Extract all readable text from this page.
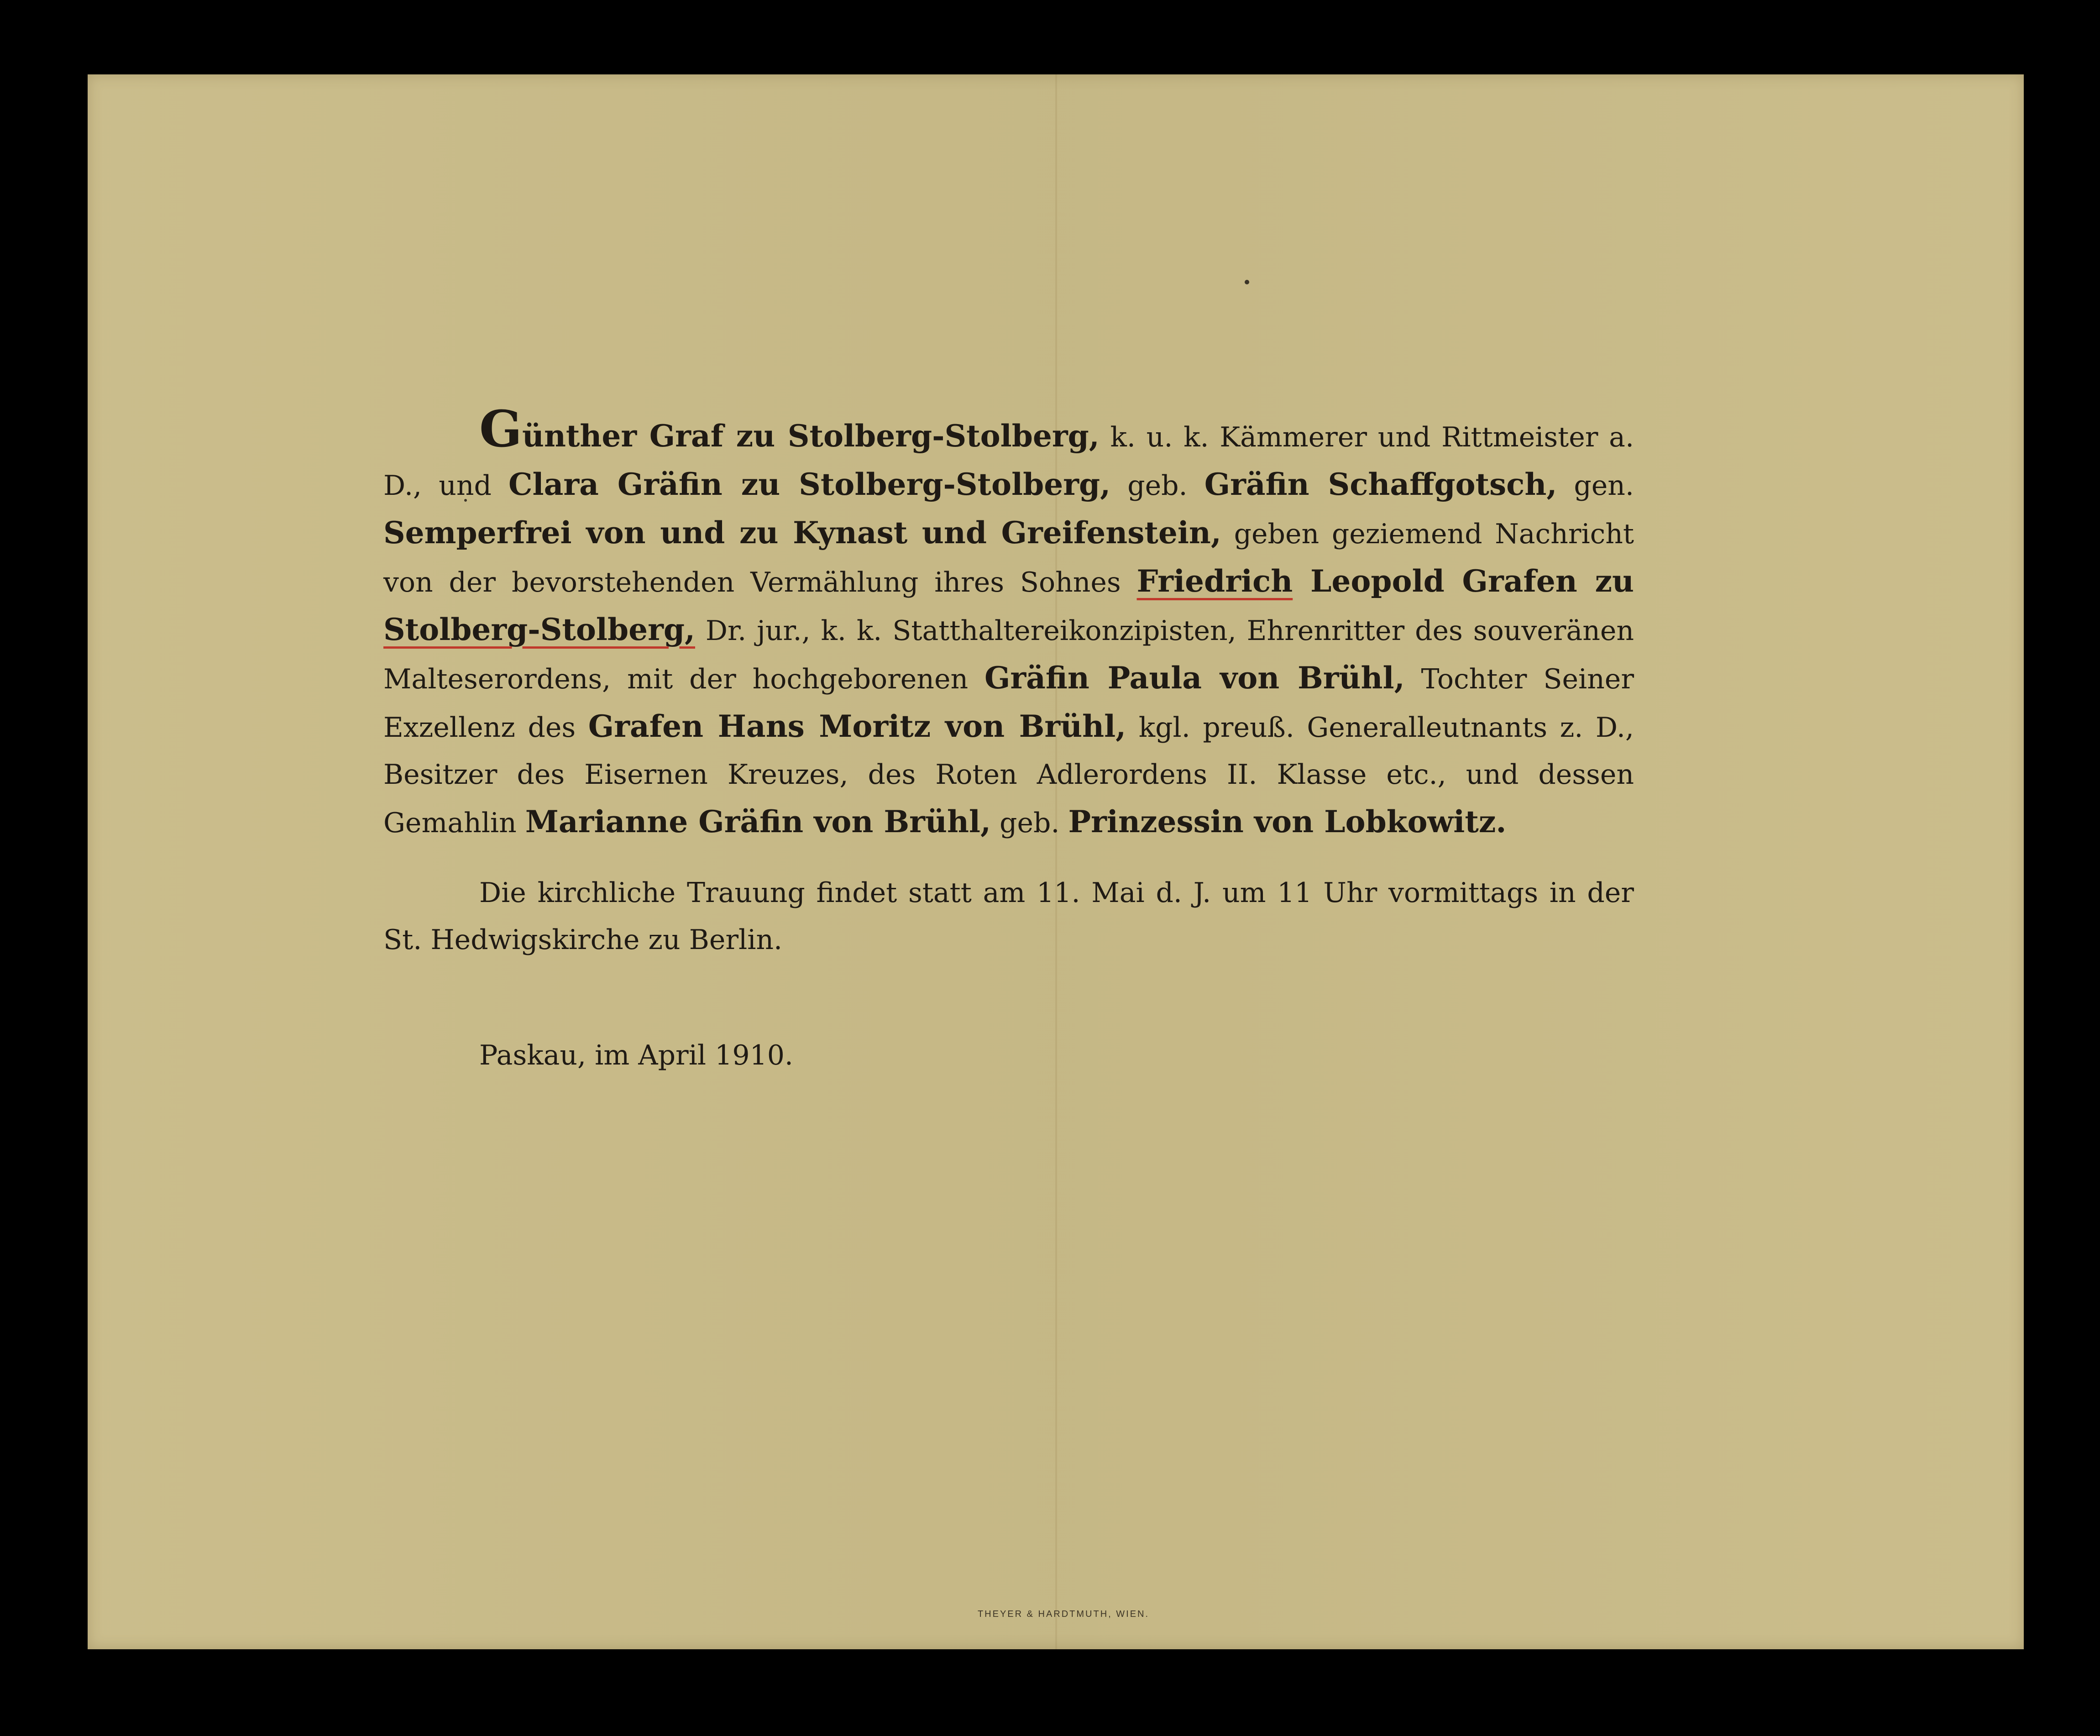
Günther Graf zu Stolberg-Stolberg, k. u. k. Kämmerer und Rittmeister a. D., und Clara Gräfin zu Stolberg-Stolberg, geb. Gräfin Schaffgotsch, gen. Semperfrei von und zu Kynast und Greifenstein, geben geziemend Nachricht von der bevorstehenden Vermählung ihres Sohnes Friedrich Leopold Grafen zu Stolberg-Stolberg, Dr. jur., k. k. Statthaltereikonzipisten, Ehrenritter des souveränen Malteserordens, mit der hochgeborenen Gräfin Paula von Brühl, Tochter Seiner Exzellenz des Grafen Hans Moritz von Brühl, kgl. preuß. Generalleutnants z. D., Besitzer des Eisernen Kreuzes, des Roten Adlerordens II. Klasse etc., und dessen Gemahlin Marianne Gräfin von Brühl, geb. Prinzessin von Lobkowitz.

Die kirchliche Trauung findet statt am 11. Mai d. J. um 11 Uhr vormittags in der St. Hedwigskirche zu Berlin.

Paskau, im April 1910.

THEYER & HARDTMUTH, WIEN.
